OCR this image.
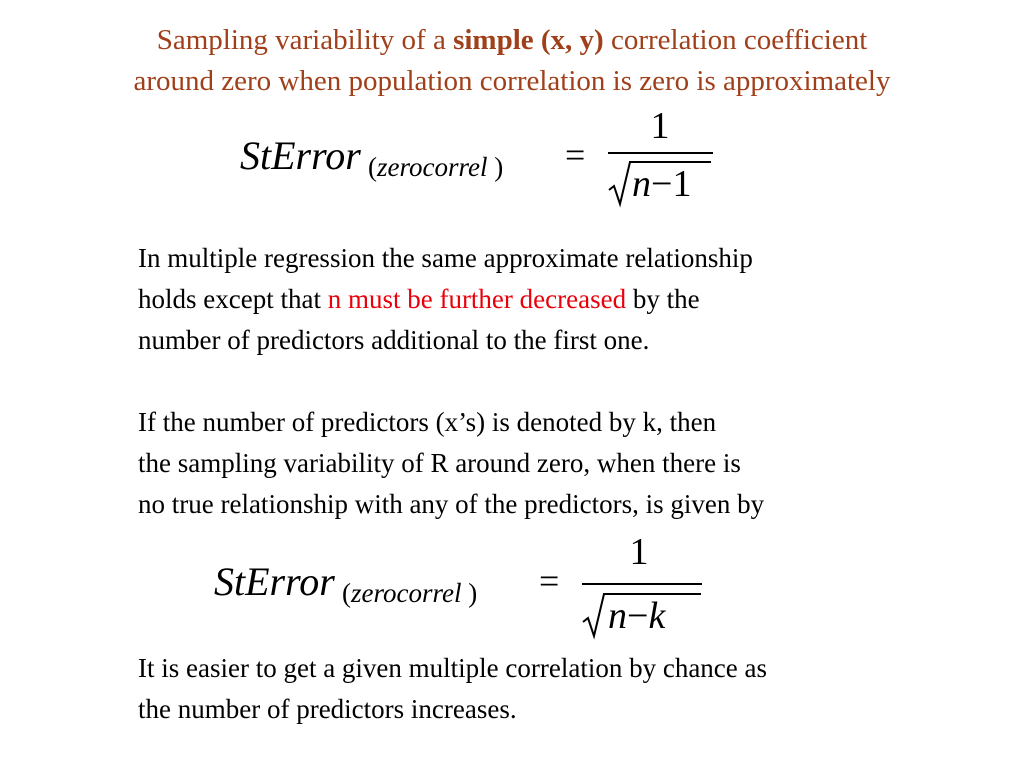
Sampling variability of a simple (x, y) correlation coefficient
around zero when population correlation is zero is approximately
StError (zerocorrel ) =
1
n−1
In multiple regression the same approximate relationship
holds except that n must be further decreased by the
number of predictors additional to the first one.
If the number of predictors (x’s) is denoted by k, then
the sampling variability of R around zero, when there is
no true relationship with any of the predictors, is given by
StError (zerocorrel ) =
1
n−k
It is easier to get a given multiple correlation by chance as
the number of predictors increases.
